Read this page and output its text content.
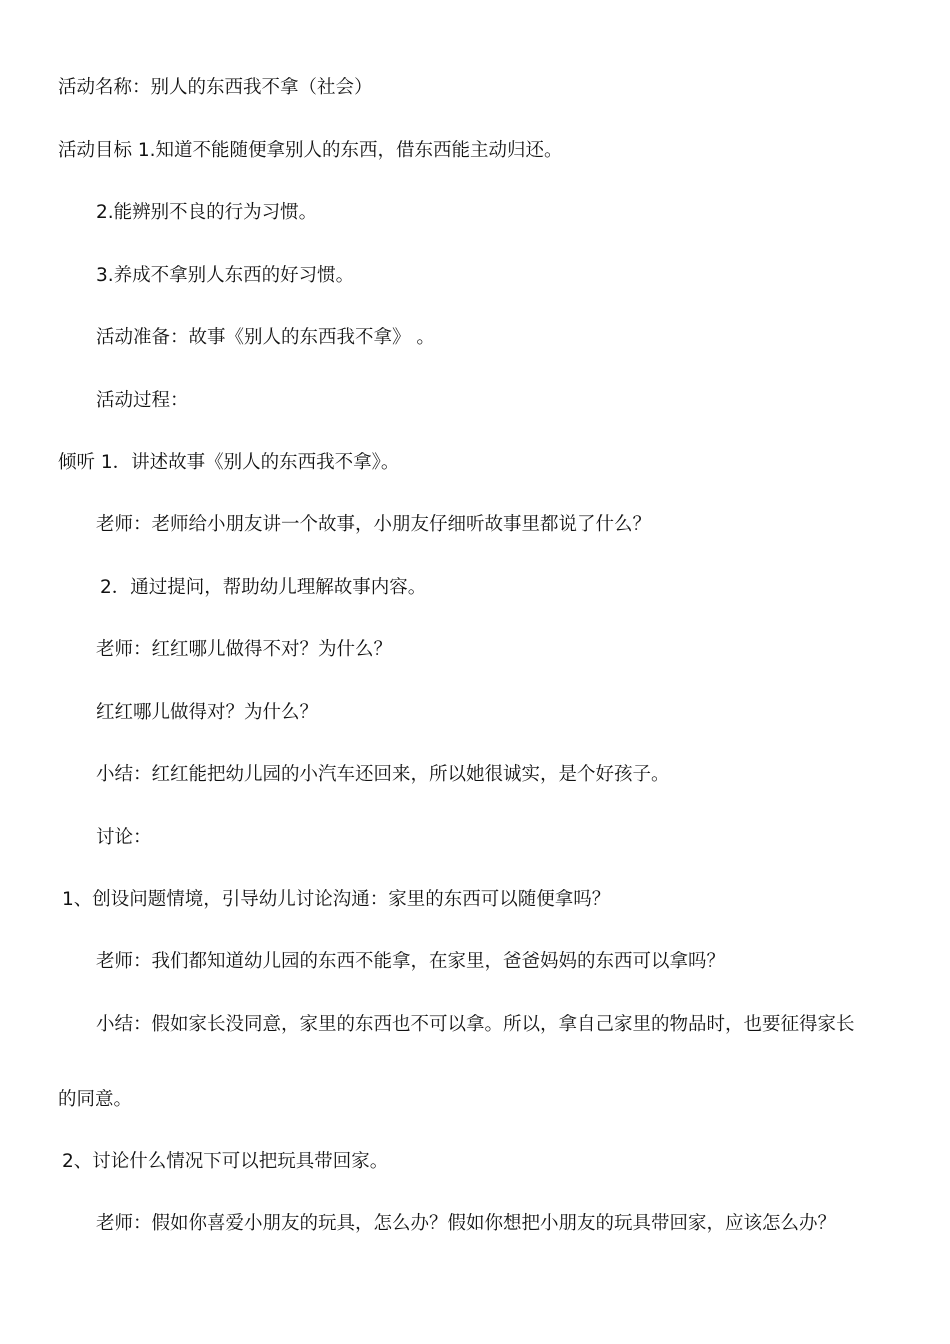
活动名称：别人的东西我不拿（社会）
活动目标 1.知道不能随便拿别人的东西，借东西能主动归还。
2.能辨别不良的行为习惯。
3.养成不拿别人东西的好习惯。
活动准备：故事《别人的东西我不拿》 。
活动过程：
倾听 1．讲述故事《别人的东西我不拿》。
老师：老师给小朋友讲一个故事，小朋友仔细听故事里都说了什么？
2．通过提问，帮助幼儿理解故事内容。
老师：红红哪儿做得不对？为什么？
红红哪儿做得对？为什么？
小结：红红能把幼儿园的小汽车还回来，所以她很诚实，是个好孩子。
讨论：
1、创设问题情境，引导幼儿讨论沟通：家里的东西可以随便拿吗？
老师：我们都知道幼儿园的东西不能拿，在家里，爸爸妈妈的东西可以拿吗？
小结：假如家长没同意，家里的东西也不可以拿。所以，拿自己家里的物品时，也要征得家长
的同意。
2、讨论什么情况下可以把玩具带回家。
老师：假如你喜爱小朋友的玩具，怎么办？假如你想把小朋友的玩具带回家，应该怎么办？
